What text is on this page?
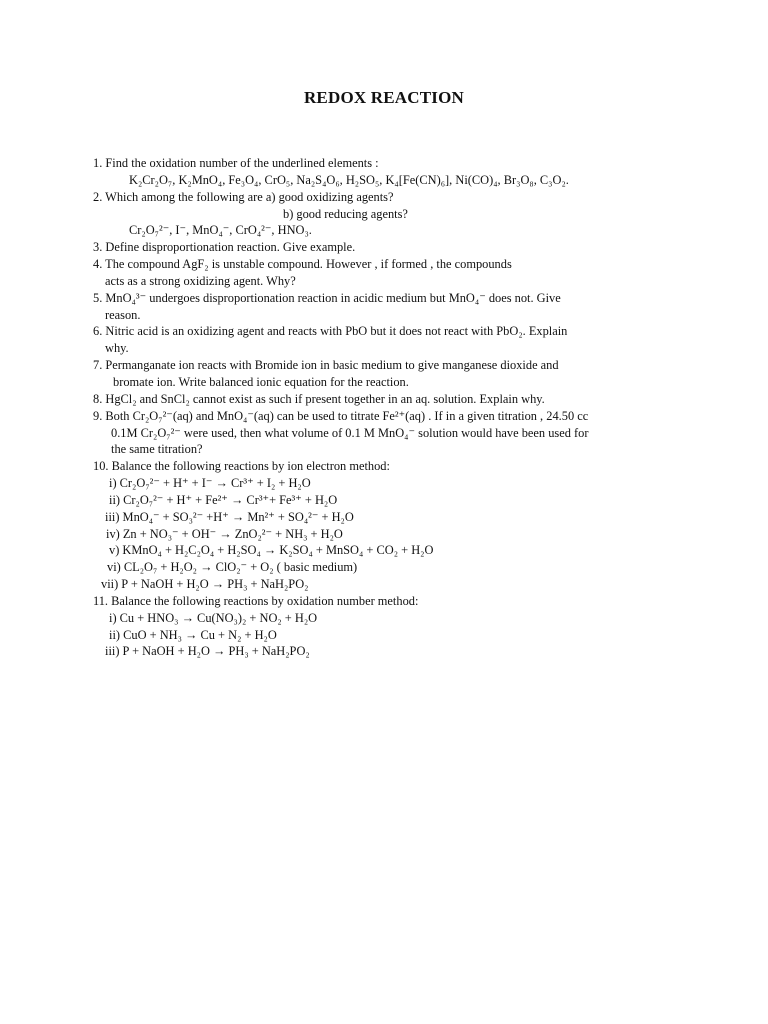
REDOX REACTION
1. Find the oxidation number of the underlined elements :
K₂Cr₂O₇, K₂MnO₄, Fe₃O₄, CrO₅, Na₂S₄O₆, H₂SO₅, K₄[Fe(CN)₆], Ni(CO)₄, Br₃O₈, C₃O₂.
2. Which among the following are a) good oxidizing agents?
b) good reducing agents?
Cr₂O₇²⁻, I⁻, MnO₄⁻, CrO₄²⁻, HNO₃.
3. Define disproportionation reaction. Give example.
4. The compound AgF₂ is unstable compound. However , if formed , the compounds
acts as a strong oxidizing agent. Why?
5. MnO₄³⁻ undergoes disproportionation reaction in acidic medium but MnO₄⁻ does not. Give
reason.
6. Nitric acid is an oxidizing agent and reacts with PbO but it does not react with PbO₂. Explain
why.
7. Permanganate ion reacts with Bromide ion in basic medium to give manganese dioxide and
bromate ion. Write balanced ionic equation for the reaction.
8. HgCl₂ and SnCl₂ cannot exist as such if present together in an aq. solution. Explain why.
9. Both Cr₂O₇²⁻(aq) and MnO₄⁻(aq) can be used to titrate Fe²⁺(aq) . If in a given titration , 24.50 cc
0.1M Cr₂O₇²⁻ were used, then what volume of 0.1 M MnO₄⁻ solution would have been used for
the same titration?
10. Balance the following reactions by ion electron method:
i) Cr₂O₇²⁻ + H⁺ + I⁻ → Cr³⁺ + I₂ + H₂O
ii) Cr₂O₇²⁻ + H⁺ + Fe²⁺ → Cr³⁺+ Fe³⁺ + H₂O
iii) MnO₄⁻ + SO₃²⁻ +H⁺ → Mn²⁺ + SO₄²⁻ + H₂O
iv) Zn + NO₃⁻ + OH⁻ → ZnO₂²⁻ + NH₃ + H₂O
v) KMnO₄ + H₂C₂O₄ + H₂SO₄ → K₂SO₄ + MnSO₄ + CO₂ + H₂O
vi) CL₂O₇ + H₂O₂ → ClO₂⁻ + O₂ ( basic medium)
vii) P + NaOH + H₂O → PH₃ + NaH₂PO₂
11. Balance the following reactions by oxidation number method:
i) Cu + HNO₃ → Cu(NO₃)₂ + NO₂ + H₂O
ii) CuO + NH₃ → Cu + N₂ + H₂O
iii) P + NaOH + H₂O → PH₃ + NaH₂PO₂
